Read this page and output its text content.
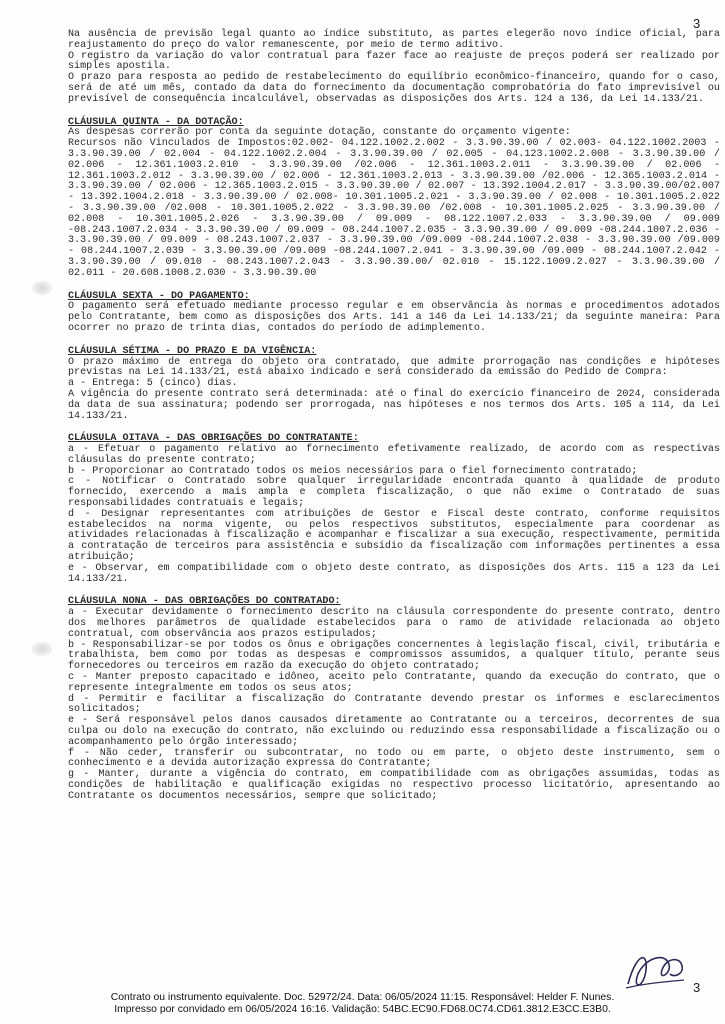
3

Na ausência de previsão legal quanto ao índice substituto, as partes elegerão novo índice oficial, para reajustamento do preço do valor remanescente, por meio de termo aditivo.

O registro da variação do valor contratual para fazer face ao reajuste de preços poderá ser realizado por simples apostila.

O prazo para resposta ao pedido de restabelecimento do equilíbrio econômico-financeiro, quando for o caso, será de até um mês, contado da data do fornecimento da documentação comprobatória do fato imprevisível ou previsível de consequência incalculável, observadas as disposições dos Arts. 124 a 136, da Lei 14.133/21.

CLÁUSULA QUINTA - DA DOTAÇÃO:

As despesas correrão por conta da seguinte dotação, constante do orçamento vigente:

Recursos não Vinculados de Impostos:02.002- 04.122.1002.2.002 - 3.3.90.39.00 / 02.003- 04.122.1002.2003 - 3.3.90.39.00 / 02.004 - 04.122.1002.2.004 - 3.3.90.39.00 / 02.005 - 04.123.1002.2.008 - 3.3.90.39.00 / 02.006 - 12.361.1003.2.010 - 3.3.90.39.00 /02.006 - 12.361.1003.2.011 - 3.3.90.39.00 / 02.006 - 12.361.1003.2.012 - 3.3.90.39.00 / 02.006 - 12.361.1003.2.013 - 3.3.90.39.00 /02.006 - 12.365.1003.2.014 - 3.3.90.39.00 / 02.006 - 12.365.1003.2.015 - 3.3.90.39.00 / 02.007 - 13.392.1004.2.017 - 3.3.90.39.00/02.007 - 13.392.1004.2.018 - 3.3.90.39.00 / 02.008- 10.301.1005.2.021 - 3.3.90.39.00 / 02.008 - 10.301.1005.2.022 - 3.3.90.39.00 /02.008 - 10.301.1005.2.022 - 3.3.90.39.00 /02.008 - 10.301.1005.2.025 - 3.3.90.39.00 / 02.008 - 10.301.1005.2.026 - 3.3.90.39.00 / 09.009 - 08.122.1007.2.033 - 3.3.90.39.00 / 09.009 -08.243.1007.2.034 - 3.3.90.39.00 / 09.009 - 08.244.1007.2.035 - 3.3.90.39.00 / 09.009 -08.244.1007.2.036 - 3.3.90.39.00 / 09.009 - 08.243.1007.2.037 - 3.3.90.39.00 /09.009 -08.244.1007.2.038 - 3.3.90.39.00 /09.009 - 08.244.1007.2.039 - 3.3.90.39.00 /09.009 -08.244.1007.2.041 - 3.3.90.39.00 /09.009 - 08.244.1007.2.042 - 3.3.90.39.00 / 09.010 - 08.243.1007.2.043 - 3.3.90.39.00/ 02.010 - 15.122.1009.2.027 - 3.3.90.39.00 / 02.011 - 20.608.1008.2.030 - 3.3.90.39.00

CLÁUSULA SEXTA - DO PAGAMENTO:

O pagamento será efetuado mediante processo regular e em observância às normas e procedimentos adotados pelo Contratante, bem como as disposições dos Arts. 141 a 146 da Lei 14.133/21; da seguinte maneira: Para ocorrer no prazo de trinta dias, contados do período de adimplemento.

CLÁUSULA SÉTIMA - DO PRAZO E DA VIGÊNCIA:

O prazo máximo de entrega do objeto ora contratado, que admite prorrogação nas condições e hipóteses previstas na Lei 14.133/21, está abaixo indicado e será considerado da emissão do Pedido de Compra:

a - Entrega: 5 (cinco) dias.

A vigência do presente contrato será determinada: até o final do exercício financeiro de 2024, considerada da data de sua assinatura; podendo ser prorrogada, nas hipóteses e nos termos dos Arts. 105 a 114, da Lei 14.133/21.

CLÁUSULA OITAVA - DAS OBRIGAÇÕES DO CONTRATANTE:

a - Efetuar o pagamento relativo ao fornecimento efetivamente realizado, de acordo com as respectivas cláusulas do presente contrato;

b - Proporcionar ao Contratado todos os meios necessários para o fiel fornecimento contratado;

c - Notificar o Contratado sobre qualquer irregularidade encontrada quanto à qualidade de produto fornecido, exercendo a mais ampla e completa fiscalização, o que não exime o Contratado de suas responsabilidades contratuais e legais;

d - Designar representantes com atribuições de Gestor e Fiscal deste contrato, conforme requisitos estabelecidos na norma vigente, ou pelos respectivos substitutos, especialmente para coordenar as atividades relacionadas à fiscalização e acompanhar e fiscalizar a sua execução, respectivamente, permitida a contratação de terceiros para assistência e subsídio da fiscalização com informações pertinentes a essa atribuição;

e - Observar, em compatibilidade com o objeto deste contrato, as disposições dos Arts. 115 a 123 da Lei 14.133/21.

CLÁUSULA NONA - DAS OBRIGAÇÕES DO CONTRATADO:

a - Executar devidamente o fornecimento descrito na cláusula correspondente do presente contrato, dentro dos melhores parâmetros de qualidade estabelecidos para o ramo de atividade relacionada ao objeto contratual, com observância aos prazos estipulados;

b - Responsabilizar-se por todos os ônus e obrigações concernentes à legislação fiscal, civil, tributária e trabalhista, bem como por todas as despesas e compromissos assumidos, a qualquer título, perante seus fornecedores ou terceiros em razão da execução do objeto contratado;

c - Manter preposto capacitado e idôneo, aceito pelo Contratante, quando da execução do contrato, que o represente integralmente em todos os seus atos;

d - Permitir e facilitar a fiscalização do Contratante devendo prestar os informes e esclarecimentos solicitados;

e - Será responsável pelos danos causados diretamente ao Contratante ou a terceiros, decorrentes de sua culpa ou dolo na execução do contrato, não excluindo ou reduzindo essa responsabilidade a fiscalização ou o acompanhamento pelo órgão interessado;

f - Não ceder, transferir ou subcontratar, no todo ou em parte, o objeto deste instrumento, sem o conhecimento e a devida autorização expressa do Contratante;

g - Manter, durante a vigência do contrato, em compatibilidade com as obrigações assumidas, todas as condições de habilitação e qualificação exigidas no respectivo processo licitatório, apresentando ao Contratante os documentos necessários, sempre que solicitado;

3
Contrato ou instrumento equivalente. Doc. 52972/24. Data: 06/05/2024 11:15. Responsável: Helder F. Nunes.
Impresso por convidado em 06/05/2024 16:16. Validação: 54BC.EC90.FD68.0C74.CD61.3812.E3CC.E3B0.
